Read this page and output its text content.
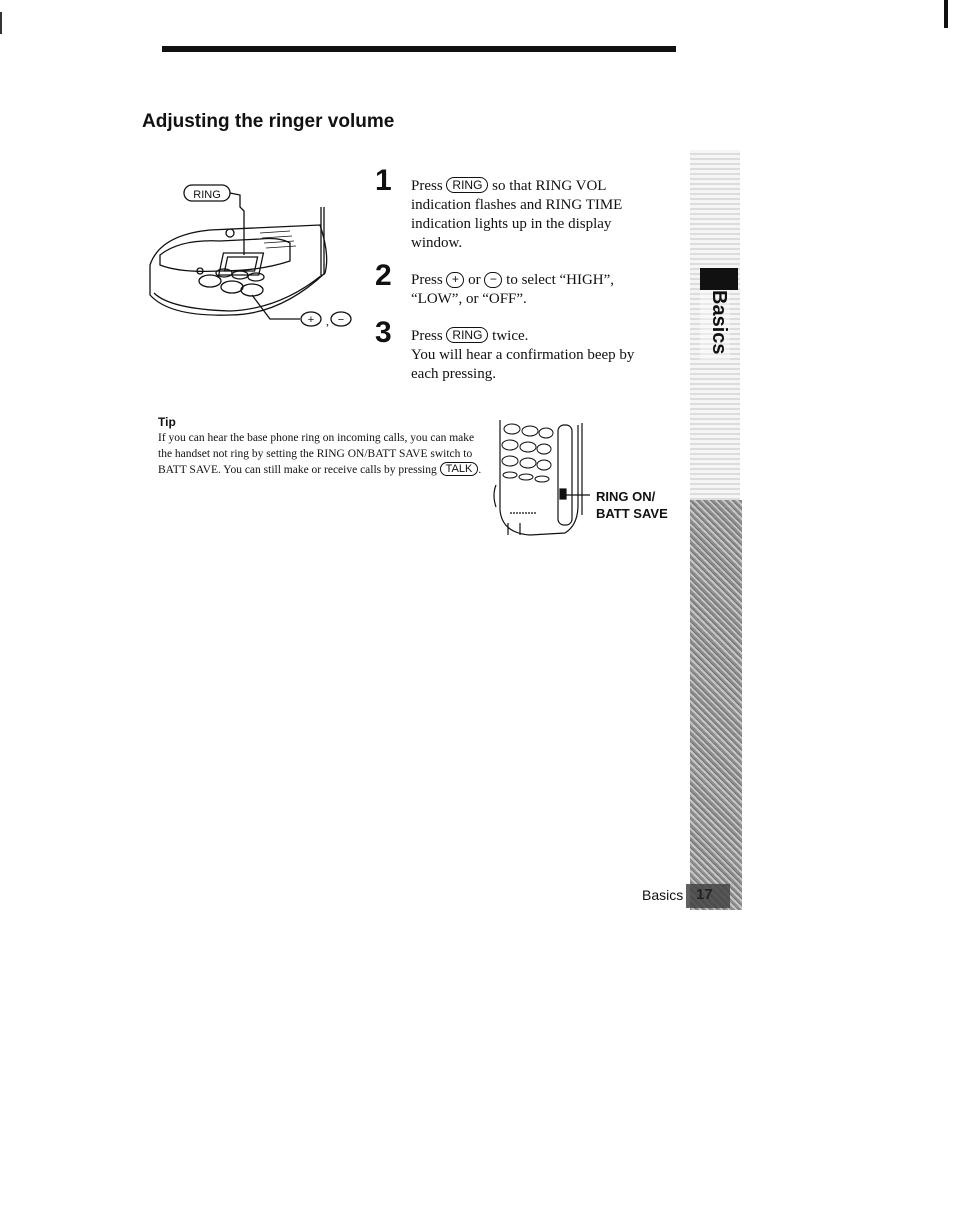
Adjusting the ringer volume
RING
+ , −
1 Press RING so that RING VOL indication flashes and RING TIME indication lights up in the display window.
2 Press + or − to select “HIGH”, “LOW”, or “OFF”.
3 Press RING twice.
You will hear a confirmation beep by each pressing.
Tip
If you can hear the base phone ring on incoming calls, you can make the handset not ring by setting the RING ON/BATT SAVE switch to BATT SAVE. You can still make or receive calls by pressing TALK .
RING ON/
BATT SAVE
Basics
Basics 17
